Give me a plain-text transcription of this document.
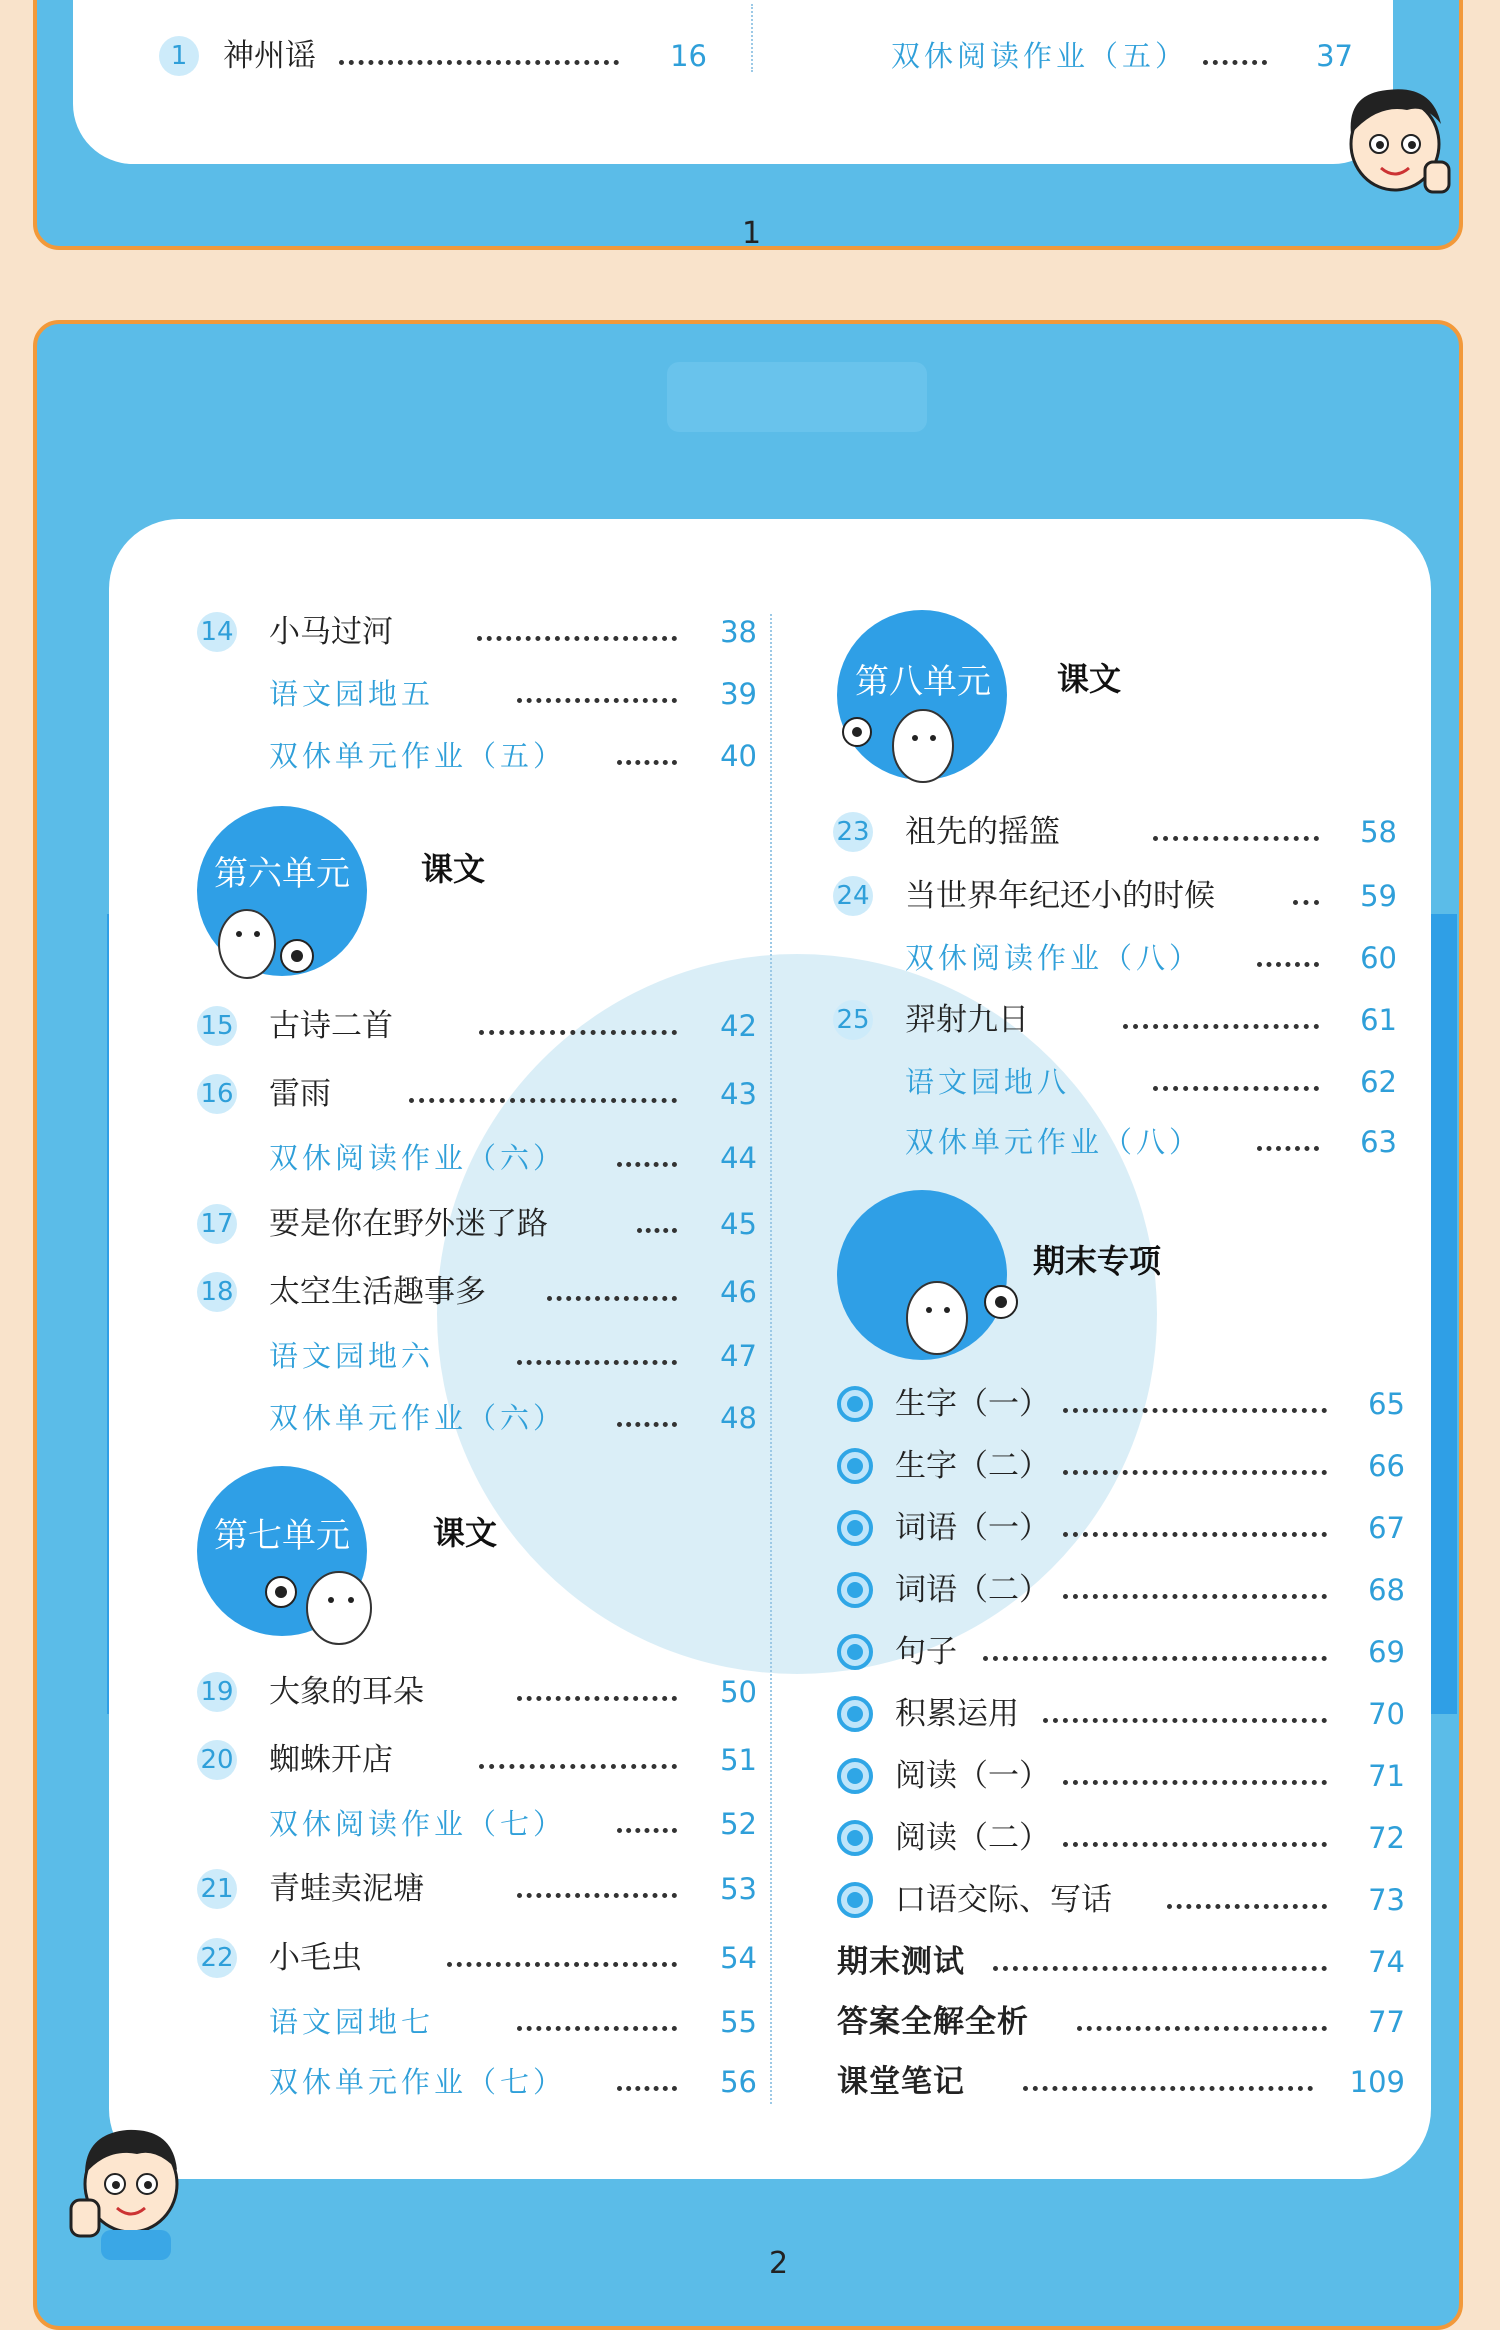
1	神州谣	16	双休阅读作业（五）	37
1
14 小马过河	38
语文园地五	39
双休单元作业（五）	40
第六单元 课文
15 古诗二首	42
16 雷雨	43
双休阅读作业（六）	44
17 要是你在野外迷了路	45
18 太空生活趣事多	46
语文园地六	47
双休单元作业（六）	48
第七单元	课文
19 大象的耳朵	50
20 蜘蛛开店	51
双休阅读作业（七）	52
21 青蛙卖泥塘	53
22 小毛虫	54
语文园地七	55
双休单元作业（七）	56
第八单元 课文
23 祖先的摇篮	58
24 当世界年纪还小的时候	59
双休阅读作业（八）	60
25 羿射九日	61
语文园地八	62
双休单元作业（八）	63
期末专项
生字（一）	65
生字（二）	66
词语（一）	67
词语（二）	68
句子	69
积累运用	70
阅读（一）	71
阅读（二）	72
口语交际、写话	73
期末测试	74
答案全解全析	77
课堂笔记	109
2
